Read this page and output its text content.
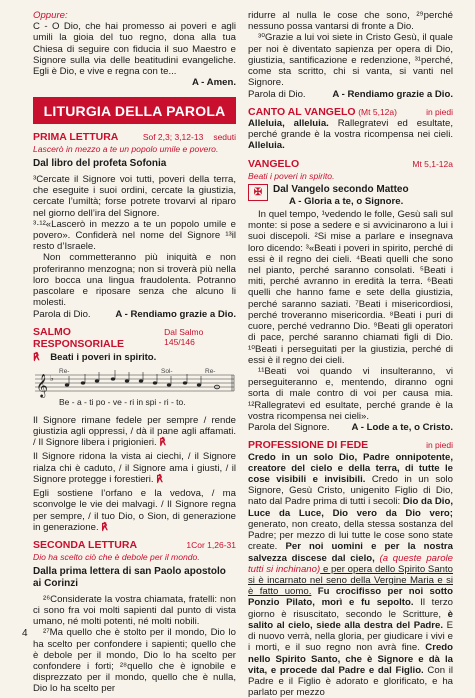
Oppure:

C - O Dio, che hai promesso ai poveri e agli umili la gioia del tuo regno, dona alla tua Chiesa di seguire con fiducia il suo Maestro e Signore sulla via delle beatitudini evangeliche. Egli è Dio, e vive e regna con te...

A - Amen.

LITURGIA DELLA PAROLA
PRIMA LETTURA	Sof 2,3; 3,12-13 seduti

Lascerò in mezzo a te un popolo umile e povero.

Dal libro del profeta Sofonia

³Cercate il Signore voi tutti, poveri della terra, che eseguite i suoi ordini, cercate la giustizia, cercate l’umiltà; forse potrete trovarvi al riparo nel giorno dell’ira del Signore.

³·¹²«Lascerò in mezzo a te un popolo umile e povero». Confiderà nel nome del Signore ¹³il resto d’Israele.

Non commetteranno più iniquità e non proferiranno menzogna; non si troverà più nella loro bocca una lingua fraudolenta. Potranno pascolare e riposare senza che alcuno li molesti.

Parola di Dio.	A - Rendiamo grazie a Dio.
SALMO RESPONSORIALE
Dal Salmo 145/146

℟ Beati i poveri in spirito.

𝄞 ♭
Re-	Sol-	Re-
Be - a - ti po - ve - ri in spi - ri - to.

Il Signore rimane fedele per sempre / rende giustizia agli oppressi, / dà il pane agli affamati. / Il Signore libera i prigionieri. ℟

Il Signore ridona la vista ai ciechi, / il Signore rialza chi è caduto, / il Signore ama i giusti, / il Signore protegge i forestieri. ℟

Egli sostiene l’orfano e la vedova, / ma sconvolge le vie dei malvagi. / Il Signore regna per sempre, / il tuo Dio, o Sion, di generazione in generazione. ℟

SECONDA LETTURA	1Cor 1,26-31

Dio ha scelto ciò che è debole per il mondo.

Dalla prima lettera di san Paolo apostolo ai Corinzi

²⁶Considerate la vostra chiamata, fratelli: non ci sono fra voi molti sapienti dal punto di vista umano, né molti potenti, né molti nobili.

²⁷Ma quello che è stolto per il mondo, Dio lo ha scelto per confondere i sapienti; quello che è debole per il mondo, Dio lo ha scelto per confondere i forti; ²⁸quello che è ignobile e disprezzato per il mondo, quello che è nulla, Dio lo ha scelto per

ridurre al nulla le cose che sono, ²⁹perché nessuno possa vantarsi di fronte a Dio.

³⁰Grazie a lui voi siete in Cristo Gesù, il quale per noi è diventato sapienza per opera di Dio, giustizia, santificazione e redenzione, ³¹perché, come sta scritto, chi si vanta, si vanti nel Signore.

Parola di Dio.	A - Rendiamo grazie a Dio.
CANTO AL VANGELO (Mt 5,12a)	in piedi

Alleluia, alleluia. Rallegratevi ed esultate, perché grande è la vostra ricompensa nei cieli. Alleluia.

VANGELO	Mt 5,1-12a

Beati i poveri in spirito.

✠	Dal Vangelo secondo Matteo

A - Gloria a te, o Signore.

In quel tempo, ¹vedendo le folle, Gesù salì sul monte: si pose a sedere e si avvicinarono a lui i suoi discepoli. ²Si mise a parlare e insegnava loro dicendo: ³«Beati i poveri in spirito, perché di essi è il regno dei cieli. ⁴Beati quelli che sono nel pianto, perché saranno consolati. ⁵Beati i miti, perché avranno in eredità la terra. ⁶Beati quelli che hanno fame e sete della giustizia, perché saranno saziati. ⁷Beati i misericordiosi, perché troveranno misericordia. ⁸Beati i puri di cuore, perché vedranno Dio. ⁹Beati gli operatori di pace, perché saranno chiamati figli di Dio. ¹⁰Beati i perseguitati per la giustizia, perché di essi è il regno dei cieli.

¹¹Beati voi quando vi insulteranno, vi perseguiteranno e, mentendo, diranno ogni sorta di male contro di voi per causa mia. ¹²Rallegratevi ed esultate, perché grande è la vostra ricompensa nei cieli».

Parola del Signore. A - Lode a te, o Cristo.
PROFESSIONE DI FEDE	in piedi

Credo in un solo Dio, Padre onnipotente, creatore del cielo e della terra, di tutte le cose visibili e invisibili. Credo in un solo Signore, Gesù Cristo, unigenito Figlio di Dio, nato dal Padre prima di tutti i secoli: Dio da Dio, Luce da Luce, Dio vero da Dio vero; generato, non creato, della stessa sostanza del Padre; per mezzo di lui tutte le cose sono state create. Per noi uomini e per la nostra salvezza discese dal cielo, (a queste parole tutti si inchinano) e per opera dello Spirito Santo si è incarnato nel seno della Vergine Maria e si è fatto uomo. Fu crocifisso per noi sotto Ponzio Pilato, morì e fu sepolto. Il terzo giorno è risuscitato, secondo le Scritture, è salito al cielo, siede alla destra del Padre. E di nuovo verrà, nella gloria, per giudicare i vivi e i morti, e il suo regno non avrà fine. Credo nello Spirito Santo, che è Signore e dà la vita, e procede dal Padre e dal Figlio. Con il Padre e il Figlio è adorato e glorificato, e ha parlato per mezzo

4
